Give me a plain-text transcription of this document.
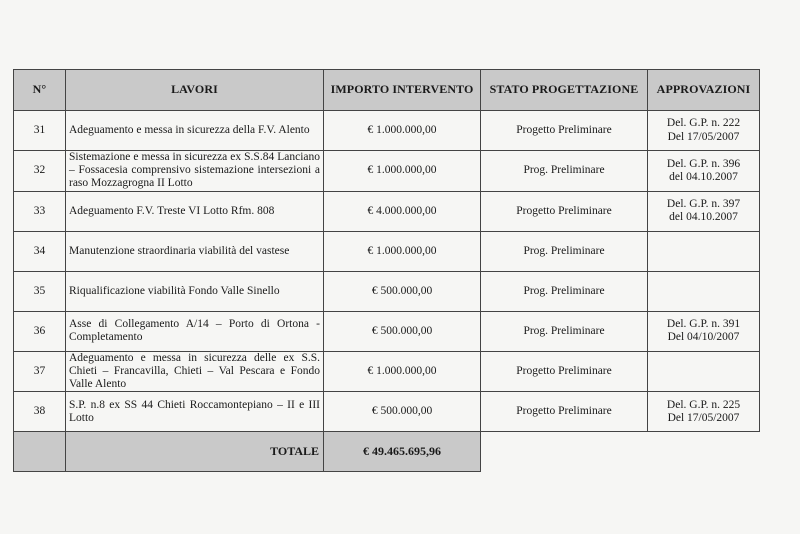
N°	LAVORI	IMPORTO INTERVENTO	STATO PROGETTAZIONE	APPROVAZIONI
31	Adeguamento e messa in sicurezza della F.V. Alento	€ 1.000.000,00	Progetto Preliminare	Del. G.P. n. 222
Del 17/05/2007

32	Sistemazione e messa in sicurezza ex S.S.84 Lanciano – Fossacesia comprensivo sistemazione intersezioni a raso Mozzagrogna II Lotto	€ 1.000.000,00	Prog. Preliminare	Del. G.P. n. 396
del 04.10.2007

33	Adeguamento F.V. Treste VI Lotto Rfm. 808	€ 4.000.000,00	Progetto Preliminare	Del. G.P. n. 397
del 04.10.2007

34	Manutenzione straordinaria viabilità del vastese	€ 1.000.000,00	Prog. Preliminare	

35	Riqualificazione viabilità Fondo Valle Sinello	€ 500.000,00	Prog. Preliminare	

36	Asse di Collegamento A/14 – Porto di Ortona - Completamento	€ 500.000,00	Prog. Preliminare	Del. G.P. n. 391
Del 04/10/2007

37	Adeguamento e messa in sicurezza delle ex S.S. Chieti – Francavilla, Chieti – Val Pescara e Fondo Valle Alento	€ 1.000.000,00	Progetto Preliminare	

38	S.P. n.8 ex SS 44 Chieti Roccamontepiano – II e III Lotto	€ 500.000,00	Progetto Preliminare	Del. G.P. n. 225
Del 17/05/2007

	TOTALE	€ 49.465.695,96		
